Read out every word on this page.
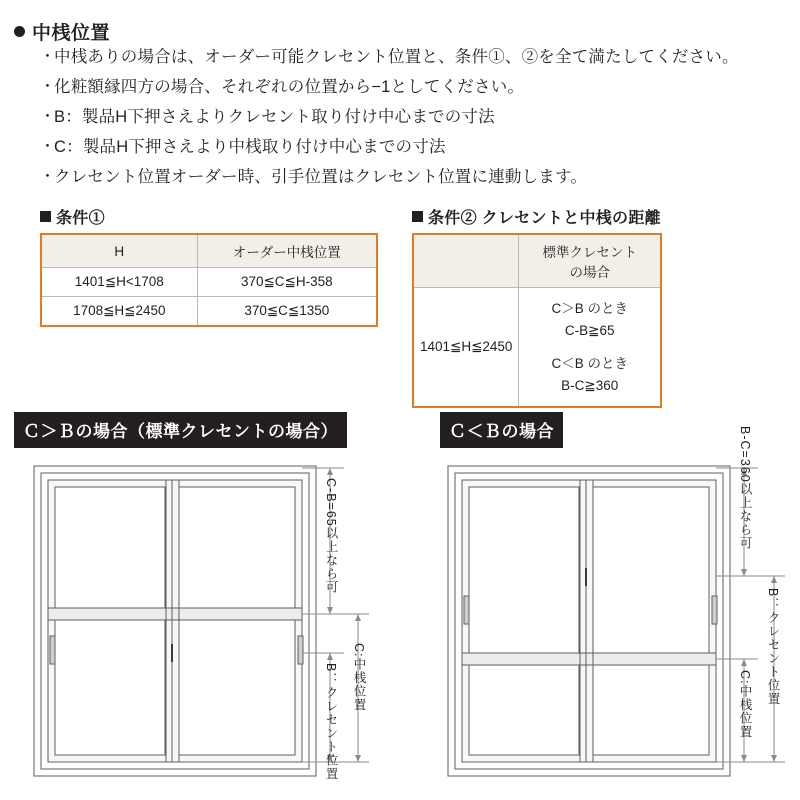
中桟位置
・
中桟ありの場合は、オーダー可能クレセント位置と、条件①、②を全て満たしてください。
・
化粧額縁四方の場合、それぞれの位置から−1としてください。
・
B：製品H下押さえよりクレセント取り付け中心までの寸法
・
C：製品H下押さえより中桟取り付け中心までの寸法
・
クレセント位置オーダー時、引手位置はクレセント位置に連動します。
条件①
H	オーダー中桟位置
1401≦H<1708	370≦C≦H-358
1708≦H≦2450	370≦C≦1350
条件② クレセントと中桟の距離
	標準クレセント
の場合
1401≦H≦2450	C＞B のとき
C-B≧65
C＜B のとき
B-C≧360
Ｃ＞Ｂの場合（標準クレセントの場合）	Ｃ＜Ｂの場合
C-B=65以上なら可
B：クレセント位置 C:中桟位置
B-C=360以上なら可
B：クレセント位置
C:中桟位置
